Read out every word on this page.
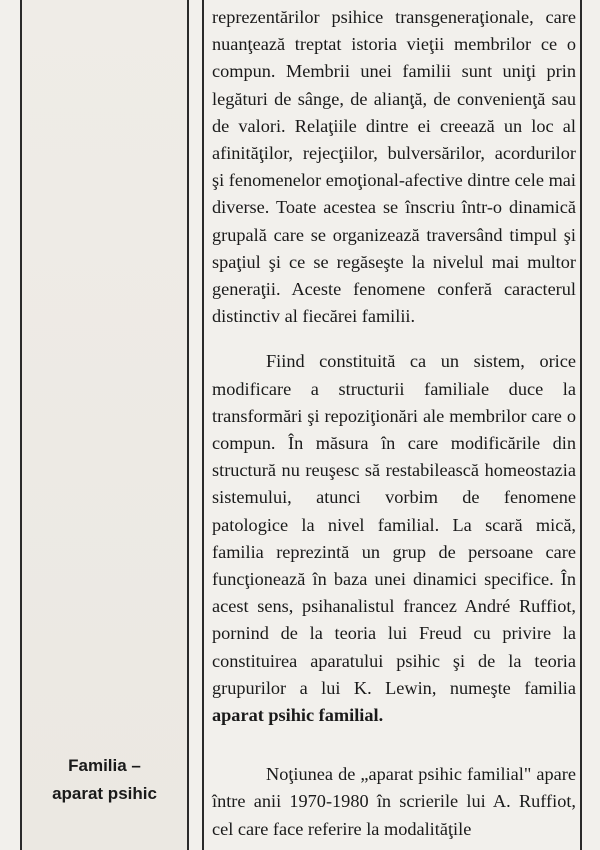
Familia –
aparat psihic

reprezentărilor psihice transgeneraţionale, care nuanţează treptat istoria vieţii membrilor ce o compun. Membrii unei familii sunt uniţi prin legături de sânge, de alianţă, de convenienţă sau de valori. Relaţiile dintre ei creează un loc al afinităţilor, rejecţiilor, bulversărilor, acordurilor şi fenomenelor emoţional-afective dintre cele mai diverse. Toate acestea se înscriu într-o dinamică grupală care se organizează traversând timpul şi spaţiul şi ce se regăseşte la nivelul mai multor generaţii. Aceste fenomene conferă caracterul distinctiv al fiecărei familii.

Fiind constituită ca un sistem, orice modificare a structurii familiale duce la transformări şi repoziţionări ale membrilor care o compun. În măsura în care modificările din structură nu reuşesc să restabilească homeostazia sistemului, atunci vorbim de fenomene patologice la nivel familial. La scară mică, familia reprezintă un grup de persoane care funcţionează în baza unei dinamici specifice. În acest sens, psihanalistul francez André Ruffiot, pornind de la teoria lui Freud cu privire la constituirea aparatului psihic şi de la teoria grupurilor a lui K. Lewin, numeşte familia aparat psihic familial.

Noţiunea de „aparat psihic familial" apare între anii 1970-1980 în scrierile lui A. Ruffiot, cel care face referire la modalităţile
